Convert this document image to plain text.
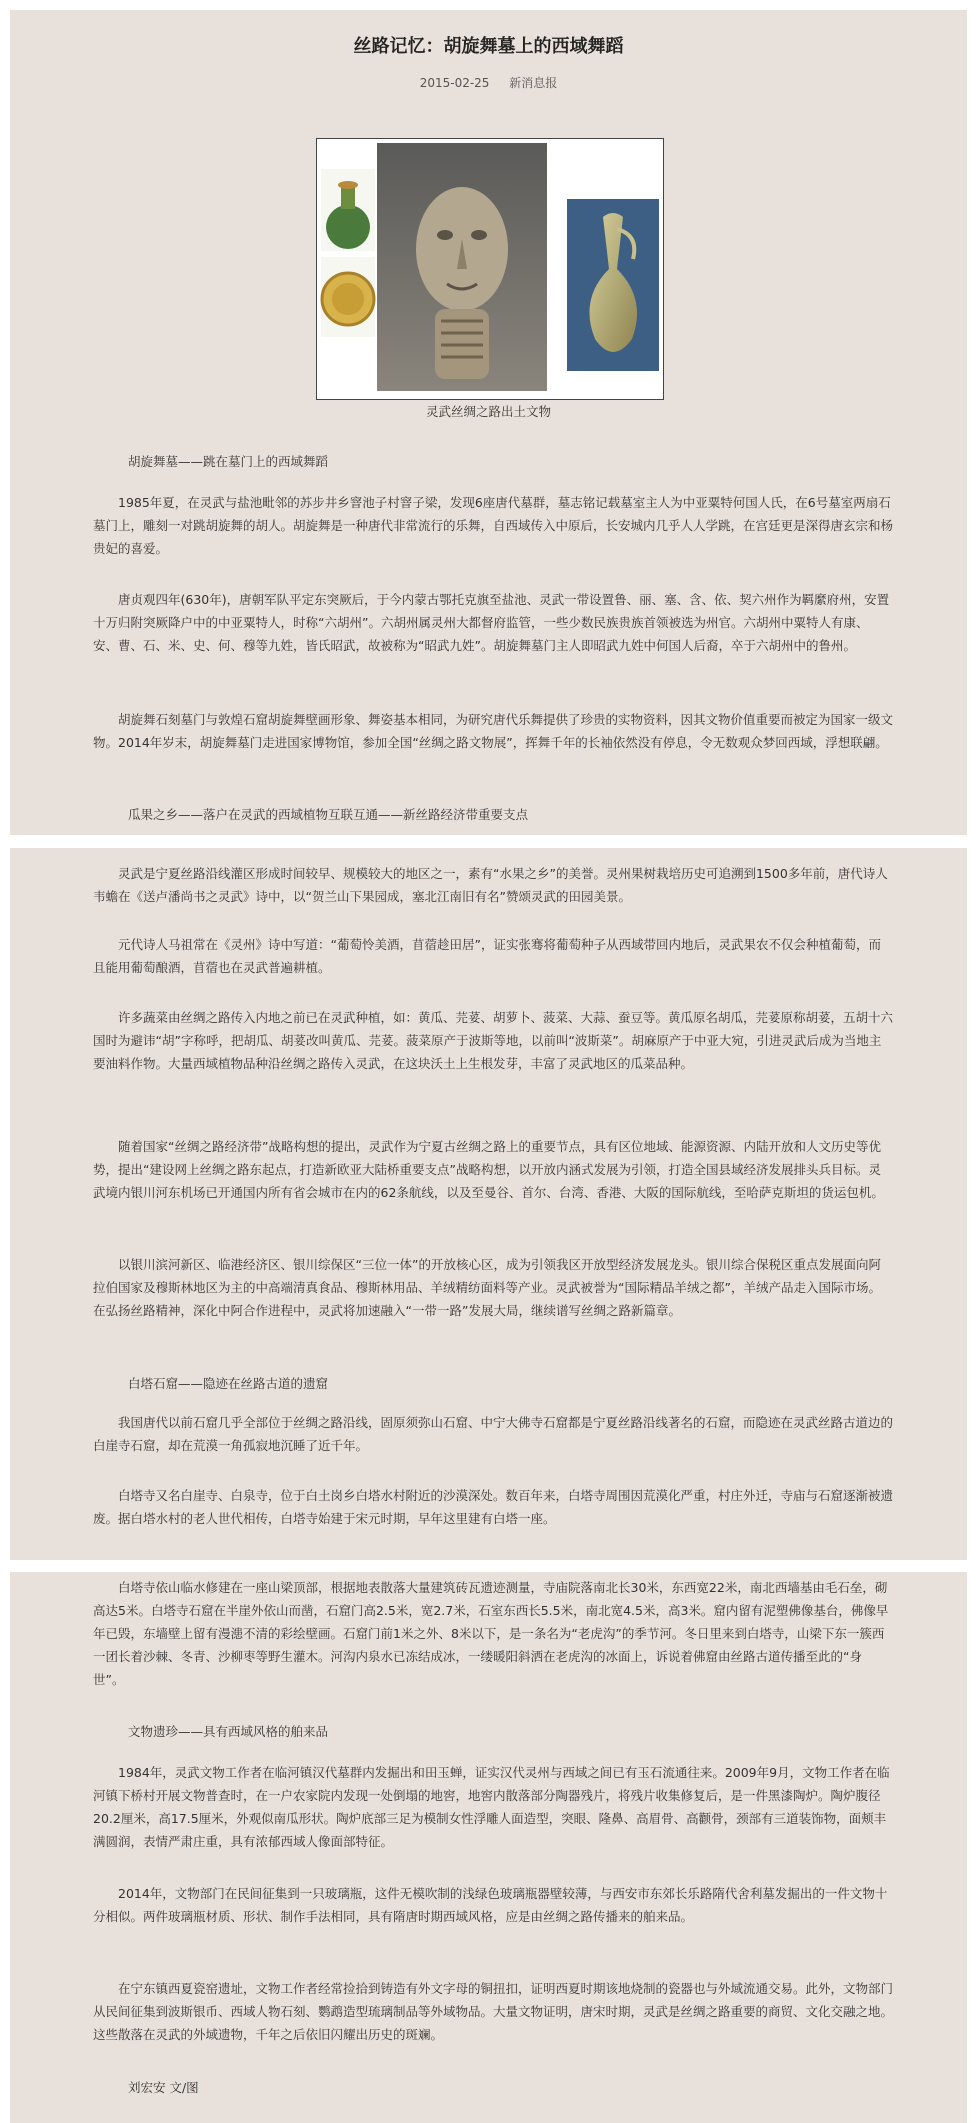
丝路记忆：胡旋舞墓上的西域舞蹈
2015-02-25 新消息报
灵武丝绸之路出土文物

胡旋舞墓——跳在墓门上的西域舞蹈

1985年夏，在灵武与盐池毗邻的苏步井乡窨池子村窨子梁，发现6座唐代墓群，墓志铭记载墓室主人为中亚粟特何国人氏，在6号墓室两扇石墓门上，雕刻一对跳胡旋舞的胡人。胡旋舞是一种唐代非常流行的乐舞，自西域传入中原后，长安城内几乎人人学跳，在宫廷更是深得唐玄宗和杨贵妃的喜爱。

唐贞观四年(630年)，唐朝军队平定东突厥后，于今内蒙古鄂托克旗至盐池、灵武一带设置鲁、丽、塞、含、依、契六州作为羁縻府州，安置十万归附突厥降户中的中亚粟特人，时称“六胡州”。六胡州属灵州大都督府监管，一些少数民族贵族首领被选为州官。六胡州中粟特人有康、安、曹、石、米、史、何、穆等九姓，皆氏昭武，故被称为“昭武九姓”。胡旋舞墓门主人即昭武九姓中何国人后裔，卒于六胡州中的鲁州。

胡旋舞石刻墓门与敦煌石窟胡旋舞壁画形象、舞姿基本相同，为研究唐代乐舞提供了珍贵的实物资料，因其文物价值重要而被定为国家一级文物。2014年岁末，胡旋舞墓门走进国家博物馆，参加全国“丝绸之路文物展”，挥舞千年的长袖依然没有停息，令无数观众梦回西域，浮想联翩。

瓜果之乡——落户在灵武的西域植物互联互通——新丝路经济带重要支点

灵武是宁夏丝路沿线灌区形成时间较早、规模较大的地区之一，素有“水果之乡”的美誉。灵州果树栽培历史可追溯到1500多年前，唐代诗人韦蟾在《送卢潘尚书之灵武》诗中，以“贺兰山下果园成，塞北江南旧有名”赞颂灵武的田园美景。

元代诗人马祖常在《灵州》诗中写道：“葡萄怜美酒，苜蓿趁田居”，证实张骞将葡萄种子从西域带回内地后，灵武果农不仅会种植葡萄，而且能用葡萄酿酒，苜蓿也在灵武普遍耕植。

许多蔬菜由丝绸之路传入内地之前已在灵武种植，如：黄瓜、芫荽、胡萝卜、菠菜、大蒜、蚕豆等。黄瓜原名胡瓜，芫荽原称胡荽，五胡十六国时为避讳“胡”字称呼，把胡瓜、胡荽改叫黄瓜、芫荽。菠菜原产于波斯等地，以前叫“波斯菜”。胡麻原产于中亚大宛，引进灵武后成为当地主要油料作物。大量西域植物品种沿丝绸之路传入灵武，在这块沃土上生根发芽，丰富了灵武地区的瓜菜品种。

随着国家“丝绸之路经济带”战略构想的提出，灵武作为宁夏古丝绸之路上的重要节点，具有区位地域、能源资源、内陆开放和人文历史等优势，提出“建设网上丝绸之路东起点，打造新欧亚大陆桥重要支点”战略构想，以开放内涵式发展为引领，打造全国县域经济发展排头兵目标。灵武境内银川河东机场已开通国内所有省会城市在内的62条航线，以及至曼谷、首尔、台湾、香港、大阪的国际航线，至哈萨克斯坦的货运包机。

以银川滨河新区、临港经济区、银川综保区“三位一体”的开放核心区，成为引领我区开放型经济发展龙头。银川综合保税区重点发展面向阿拉伯国家及穆斯林地区为主的中高端清真食品、穆斯林用品、羊绒精纺面料等产业。灵武被誉为“国际精品羊绒之都”，羊绒产品走入国际市场。在弘扬丝路精神，深化中阿合作进程中，灵武将加速融入“一带一路”发展大局，继续谱写丝绸之路新篇章。

白塔石窟——隐迹在丝路古道的遗窟

我国唐代以前石窟几乎全部位于丝绸之路沿线，固原须弥山石窟、中宁大佛寺石窟都是宁夏丝路沿线著名的石窟，而隐迹在灵武丝路古道边的白崖寺石窟，却在荒漠一角孤寂地沉睡了近千年。

白塔寺又名白崖寺、白泉寺，位于白土岗乡白塔水村附近的沙漠深处。数百年来，白塔寺周围因荒漠化严重，村庄外迁，寺庙与石窟逐渐被遗废。据白塔水村的老人世代相传，白塔寺始建于宋元时期，早年这里建有白塔一座。

白塔寺依山临水修建在一座山梁顶部，根据地表散落大量建筑砖瓦遗迹测量，寺庙院落南北长30米，东西宽22米，南北西墙基由毛石垒，砌高达5米。白塔寺石窟在半崖外依山而凿，石窟门高2.5米，宽2.7米，石室东西长5.5米，南北宽4.5米，高3米。窟内留有泥塑佛像基台，佛像早年已毁，东墙壁上留有漫漶不清的彩绘壁画。石窟门前1米之外、8米以下，是一条名为“老虎沟”的季节河。冬日里来到白塔寺，山梁下东一簇西一团长着沙棘、冬青、沙柳枣等野生灌木。河沟内泉水已冻结成冰，一缕暖阳斜洒在老虎沟的冰面上，诉说着佛窟由丝路古道传播至此的“身世”。

文物遗珍——具有西域风格的舶来品

1984年，灵武文物工作者在临河镇汉代墓群内发掘出和田玉蝉，证实汉代灵州与西域之间已有玉石流通往来。2009年9月，文物工作者在临河镇下桥村开展文物普查时，在一户农家院内发现一处倒塌的地窖，地窖内散落部分陶器残片，将残片收集修复后，是一件黑漆陶炉。陶炉腹径20.2厘米，高17.5厘米，外观似南瓜形状。陶炉底部三足为模制女性浮雕人面造型，突眼、隆鼻、高眉骨、高颧骨，颈部有三道装饰物，面颊丰满圆润，表情严肃庄重，具有浓郁西域人像面部特征。

2014年，文物部门在民间征集到一只玻璃瓶，这件无模吹制的浅绿色玻璃瓶器壁较薄，与西安市东郊长乐路隋代舍利墓发掘出的一件文物十分相似。两件玻璃瓶材质、形状、制作手法相同，具有隋唐时期西域风格，应是由丝绸之路传播来的舶来品。

在宁东镇西夏瓷窑遗址，文物工作者经常捡拾到铸造有外文字母的铜扭扣，证明西夏时期该地烧制的瓷器也与外域流通交易。此外，文物部门从民间征集到波斯银币、西域人物石刻、鹦鹉造型琉璃制品等外域物品。大量文物证明，唐宋时期，灵武是丝绸之路重要的商贸、文化交融之地。这些散落在灵武的外域遗物，千年之后依旧闪耀出历史的斑斓。

刘宏安 文/图
